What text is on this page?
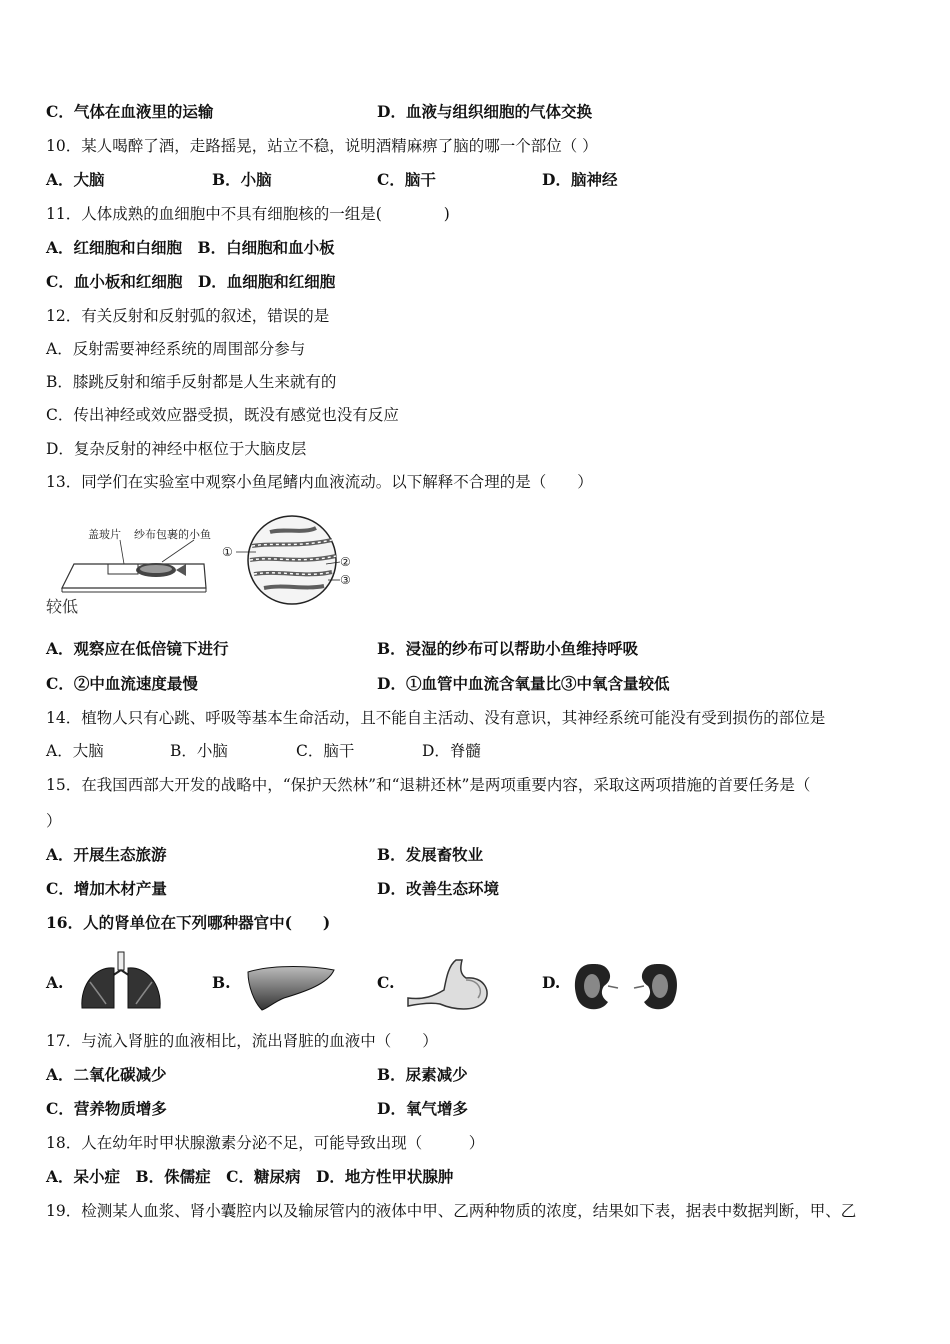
C．气体在血液里的运输	D．血液与组织细胞的气体交换
10．某人喝醉了酒，走路摇晃，站立不稳，说明酒精麻痹了脑的哪一个部位（ ）
A．大脑	B．小脑	C．脑干	D．脑神经
11．人体成熟的血细胞中不具有细胞核的一组是(　　　　)
A．红细胞和白细胞　B．白细胞和血小板
C．血小板和红细胞　D．血细胞和红细胞
12．有关反射和反射弧的叙述，错误的是
A．反射需要神经系统的周围部分参与
B．膝跳反射和缩手反射都是人生来就有的
C．传出神经或效应器受损，既没有感觉也没有反应
D．复杂反射的神经中枢位于大脑皮层
13．同学们在实验室中观察小鱼尾鳍内血液流动。以下解释不合理的是（　　）
盖玻片 纱布包裹的小鱼
①
②
③
较低
A．观察应在低倍镜下进行	B．浸湿的纱布可以帮助小鱼维持呼吸
C．②中血流速度最慢	D．①血管中血流含氧量比③中氧含量较低
14．植物人只有心跳、呼吸等基本生命活动，且不能自主活动、没有意识，其神经系统可能没有受到损伤的部位是
A．大脑	B．小脑	C．脑干	D．脊髓
15．在我国西部大开发的战略中，“保护天然林”和“退耕还林”是两项重要内容，采取这两项措施的首要任务是（
）
A．开展生态旅游	B．发展畜牧业
C．增加木材产量	D．改善生态环境
16．人的肾单位在下列哪种器官中(　　)
A.	B.	C.	D.
17．与流入肾脏的血液相比，流出肾脏的血液中（　　）
A．二氧化碳减少	B．尿素减少
C．营养物质增多	D．氧气增多
18．人在幼年时甲状腺激素分泌不足，可能导致出现（　　　）
A．呆小症　B．侏儒症　C．糖尿病　D．地方性甲状腺肿
19．检测某人血浆、肾小囊腔内以及输尿管内的液体中甲、乙两种物质的浓度，结果如下表，据表中数据判断，甲、乙
